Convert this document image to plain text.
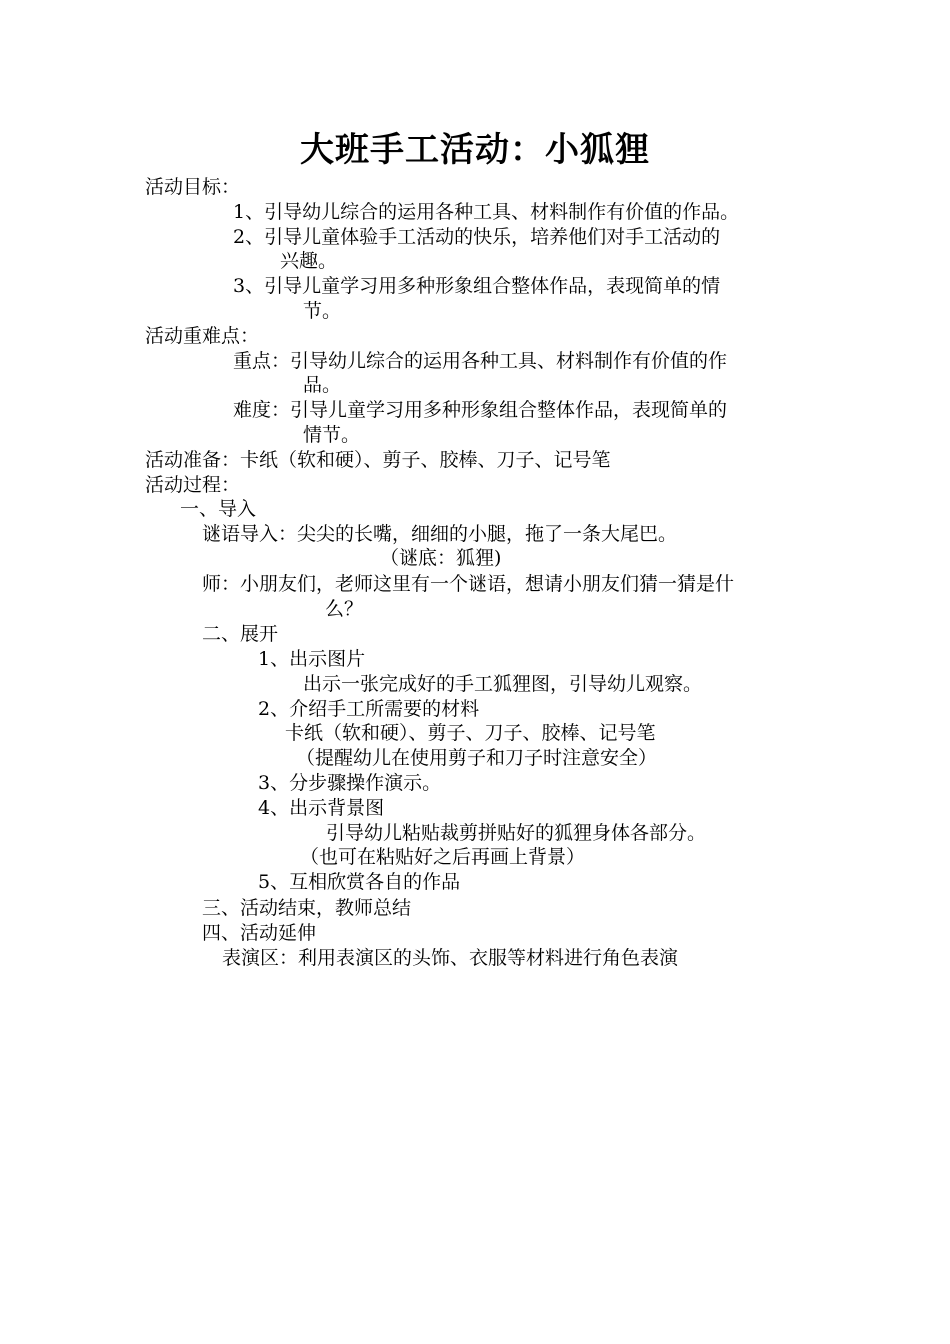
大班手工活动：小狐狸
活动目标：
1、引导幼儿综合的运用各种工具、材料制作有价值的作品。
2、引导儿童体验手工活动的快乐，培养他们对手工活动的
兴趣。
3、引导儿童学习用多种形象组合整体作品，表现简单的情
节。
活动重难点：
重点：引导幼儿综合的运用各种工具、材料制作有价值的作
品。
难度：引导儿童学习用多种形象组合整体作品，表现简单的
情节。
活动准备：卡纸（软和硬）、剪子、胶棒、刀子、记号笔
活动过程：
一、导入
谜语导入：尖尖的长嘴，细细的小腿，拖了一条大尾巴。
（谜底：狐狸)
师：小朋友们，老师这里有一个谜语，想请小朋友们猜一猜是什
么？
二、展开
1、出示图片
出示一张完成好的手工狐狸图，引导幼儿观察。
2、介绍手工所需要的材料
卡纸（软和硬）、剪子、刀子、胶棒、记号笔
（提醒幼儿在使用剪子和刀子时注意安全）
3、分步骤操作演示。
4、出示背景图
引导幼儿粘贴裁剪拼贴好的狐狸身体各部分。
（也可在粘贴好之后再画上背景）
5、互相欣赏各自的作品
三、活动结束，教师总结
四、活动延伸
表演区：利用表演区的头饰、衣服等材料进行角色表演
